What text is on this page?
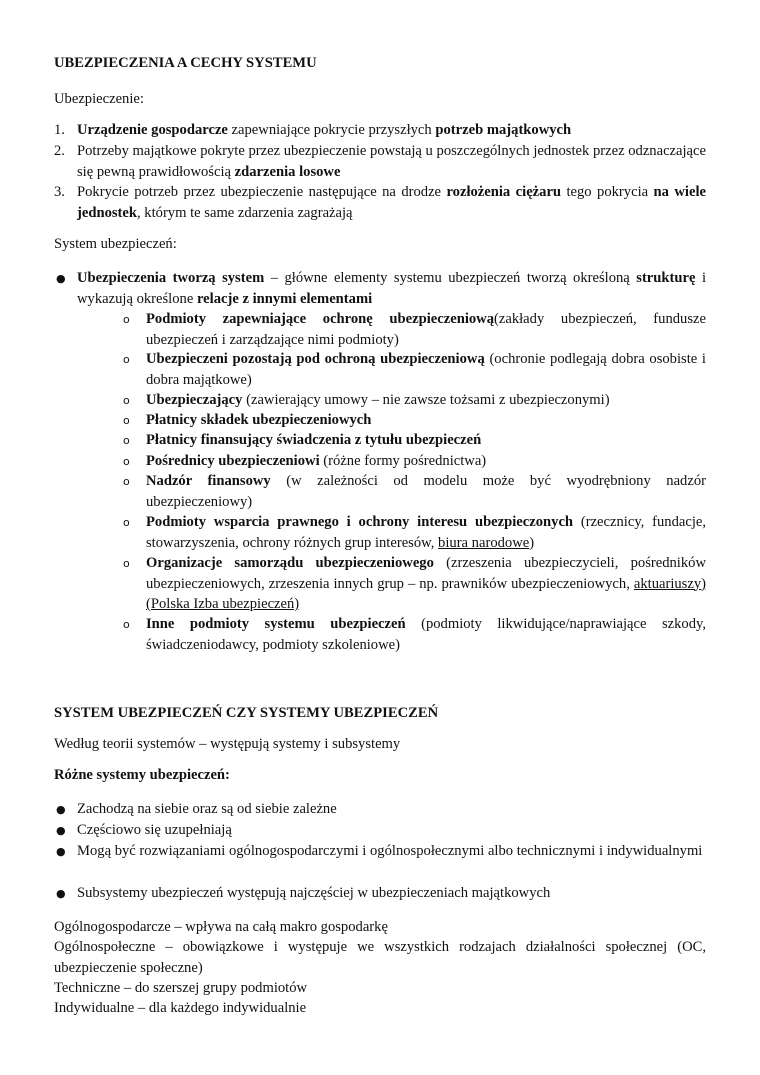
UBEZPIECZENIA A CECHY SYSTEMU

Ubezpieczenie:

1. Urządzenie gospodarcze zapewniające pokrycie przyszłych potrzeb majątkowych

2. Potrzeby majątkowe pokryte przez ubezpieczenie powstają u poszczególnych jednostek przez odznaczające się pewną prawidłowością zdarzenia losowe

3. Pokrycie potrzeb przez ubezpieczenie następujące na drodze rozłożenia ciężaru tego pokrycia na wiele jednostek, którym te same zdarzenia zagrażają

System ubezpieczeń:

● Ubezpieczenia tworzą system – główne elementy systemu ubezpieczeń tworzą określoną strukturę i wykazują określone relacje z innymi elementami

o	Podmioty zapewniające ochronę ubezpieczeniową(zakłady ubezpieczeń, fundusze ubezpieczeń i zarządzające nimi podmioty)

o	Ubezpieczeni pozostają pod ochroną ubezpieczeniową (ochronie podlegają dobra osobiste i dobra majątkowe)

o	Ubezpieczający (zawierający umowy – nie zawsze tożsami z ubezpieczonymi)

o	Płatnicy składek ubezpieczeniowych

o	Płatnicy finansujący świadczenia z tytułu ubezpieczeń

o	Pośrednicy ubezpieczeniowi (różne formy pośrednictwa)

o	Nadzór finansowy (w zależności od modelu może być wyodrębniony nadzór ubezpieczeniowy)

o	Podmioty wsparcia prawnego i ochrony interesu ubezpieczonych (rzecznicy, fundacje, stowarzyszenia, ochrony różnych grup interesów, biura narodowe)

o	Organizacje samorządu ubezpieczeniowego (zrzeszenia ubezpieczycieli, pośredników ubezpieczeniowych, zrzeszenia innych grup – np. prawników ubezpieczeniowych, aktuariuszy) (Polska Izba ubezpieczeń)

o	Inne podmioty systemu ubezpieczeń (podmioty likwidujące/naprawiające szkody, świadczeniodawcy, podmioty szkoleniowe)

SYSTEM UBEZPIECZEŃ CZY SYSTEMY UBEZPIECZEŃ

Według teorii systemów – występują systemy i subsystemy

Różne systemy ubezpieczeń:

● Zachodzą na siebie oraz są od siebie zależne

● Częściowo się uzupełniają

● Mogą być rozwiązaniami ogólnogospodarczymi i ogólnospołecznymi albo technicznymi i indywidualnymi

● Subsystemy ubezpieczeń występują najczęściej w ubezpieczeniach majątkowych

Ogólnogospodarcze – wpływa na całą makro gospodarkę

Ogólnospołeczne – obowiązkowe i występuje we wszystkich rodzajach działalności społecznej (OC, ubezpieczenie społeczne)

Techniczne – do szerszej grupy podmiotów

Indywidualne – dla każdego indywidualnie
